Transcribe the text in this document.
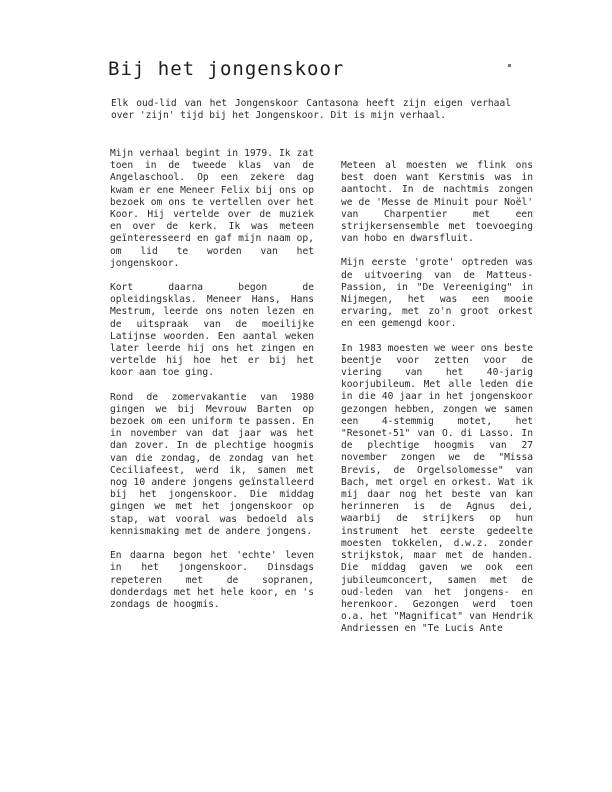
Bij het jongenskoor

Elk oud-lid van het Jongenskoor Cantasona heeft zijn eigen verhaal over 'zijn' tijd bij het Jongenskoor. Dit is mijn verhaal.

Mijn verhaal begint in 1979. Ik zat toen in de tweede klas van de Angelaschool. Op een zekere dag kwam er ene Meneer Felix bij ons op bezoek om ons te vertellen over het Koor. Hij vertelde over de muziek en over de kerk. Ik was meteen geïnteresseerd en gaf mijn naam op, om lid te worden van het jongenskoor.

Kort daarna begon de opleidingsklas. Meneer Hans, Hans Mestrum, leerde ons noten lezen en de uitspraak van de moeilijke Latijnse woorden. Een aantal weken later leerde hij ons het zingen en vertelde hij hoe het er bij het koor aan toe ging.

Rond de zomervakantie van 1980 gingen we bij Mevrouw Barten op bezoek om een uniform te passen. En in november van dat jaar was het dan zover. In de plechtige hoogmis van die zondag, de zondag van het Ceciliafeest, werd ik, samen met nog 10 andere jongens geïnstalleerd bij het jongenskoor. Die middag gingen we met het jongenskoor op stap, wat vooral was bedoeld als kennismaking met de andere jongens.

En daarna begon het 'echte' leven in het jongenskoor. Dinsdags repeteren met de sopranen, donderdags met het hele koor, en 's zondags de hoogmis.

Meteen al moesten we flink ons best doen want Kerstmis was in aantocht. In de nachtmis zongen we de 'Messe de Minuit pour Noël' van Charpentier met een strijkersensemble met toevoeging van hobo en dwarsfluit.

Mijn eerste 'grote' optreden was de uitvoering van de Matteus-Passion, in "De Vereeniging" in Nijmegen, het was een mooie ervaring, met zo'n groot orkest en een gemengd koor.

In 1983 moesten we weer ons beste beentje voor zetten voor de viering van het 40-jarig koorjubileum. Met alle leden die in die 40 jaar in het jongenskoor gezongen hebben, zongen we samen een 4-stemmig motet, het "Resonet-51" van O. di Lasso. In de plechtige hoogmis van 27 november zongen we de "Missa Brevis, de Orgelsolomesse" van Bach, met orgel en orkest. Wat ik mij daar nog het beste van kan herinneren is de Agnus dei, waarbij de strijkers op hun instrument het eerste gedeelte moesten tokkelen, d.w.z. zonder strijkstok, maar met de handen. Die middag gaven we ook een jubileumconcert, samen met de oud-leden van het jongens- en herenkoor. Gezongen werd toen o.a. het "Magnificat" van Hendrik Andriessen en "Te Lucis Ante
